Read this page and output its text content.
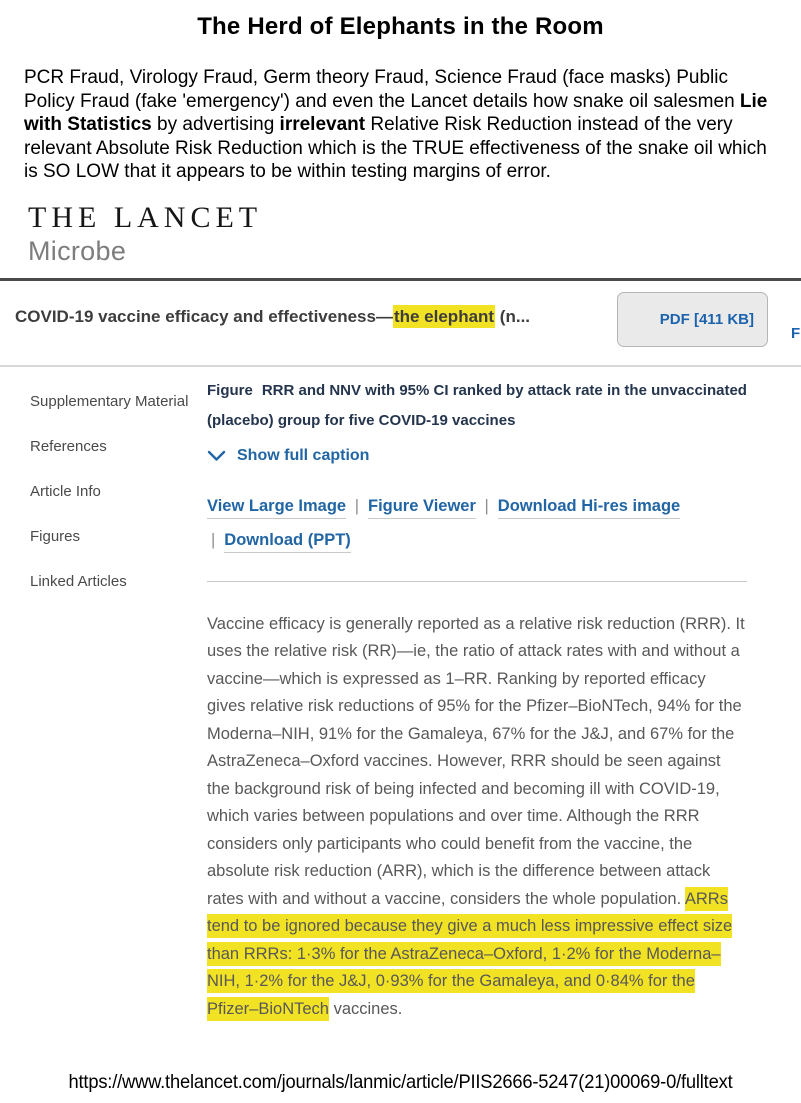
The Herd of Elephants in the Room

PCR Fraud, Virology Fraud, Germ theory Fraud, Science Fraud (face masks) Public Policy Fraud (fake 'emergency') and even the Lancet details how snake oil salesmen Lie with Statistics by advertising irrelevant Relative Risk Reduction instead of the very relevant Absolute Risk Reduction which is the TRUE effectiveness of the snake oil which is SO LOW that it appears to be within testing margins of error.

THE LANCET
Microbe
COVID-19 vaccine efficacy and effectiveness—the elephant (n...	PDF [411 KB]
F
Supplementary Material
References
Article Info
Figures
Linked Articles
Figure RRR and NNV with 95% CI ranked by attack rate in the unvaccinated (placebo) group for five COVID-19 vaccines
Show full caption
View Large Image | Figure Viewer | Download Hi-res image | Download (PPT)
Vaccine efficacy is generally reported as a relative risk reduction (RRR). It uses the relative risk (RR)—ie, the ratio of attack rates with and without a vaccine—which is expressed as 1–RR. Ranking by reported efficacy gives relative risk reductions of 95% for the Pfizer–BioNTech, 94% for the Moderna–NIH, 91% for the Gamaleya, 67% for the J&J, and 67% for the AstraZeneca–Oxford vaccines. However, RRR should be seen against the background risk of being infected and becoming ill with COVID-19, which varies between populations and over time. Although the RRR considers only participants who could benefit from the vaccine, the absolute risk reduction (ARR), which is the difference between attack rates with and without a vaccine, considers the whole population. ARRs tend to be ignored because they give a much less impressive effect size than RRRs: 1·3% for the AstraZeneca–Oxford, 1·2% for the Moderna–NIH, 1·2% for the J&J, 0·93% for the Gamaleya, and 0·84% for the Pfizer–BioNTech vaccines.
https://www.thelancet.com/journals/lanmic/article/PIIS2666-5247(21)00069-0/fulltext
